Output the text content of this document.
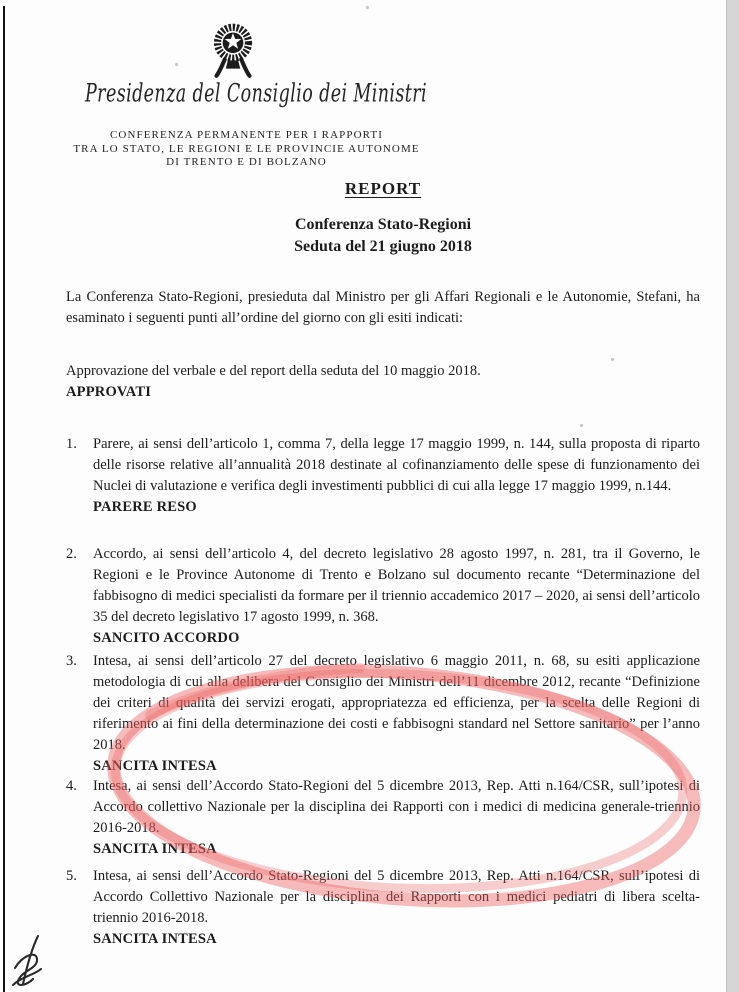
Presidenza del Consiglio dei Ministri
CONFERENZA PERMANENTE PER I RAPPORTI
TRA LO STATO, LE REGIONI E LE PROVINCIE AUTONOME
DI TRENTO E DI BOLZANO
REPORT
Conferenza Stato-Regioni
Seduta del 21 giugno 2018
La Conferenza Stato-Regioni, presieduta dal Ministro per gli Affari Regionali e le Autonomie, Stefani, ha esaminato i seguenti punti all’ordine del giorno con gli esiti indicati:
Approvazione del verbale e del report della seduta del 10 maggio 2018.
APPROVATI
1.	Parere, ai sensi dell’articolo 1, comma 7, della legge 17 maggio 1999, n. 144, sulla proposta di riparto delle risorse relative all’annualità 2018 destinate al cofinanziamento delle spese di funzionamento dei Nuclei di valutazione e verifica degli investimenti pubblici di cui alla legge 17 maggio 1999, n.144.
PARERE RESO
2.	Accordo, ai sensi dell’articolo 4, del decreto legislativo 28 agosto 1997, n. 281, tra il Governo, le Regioni e le Province Autonome di Trento e Bolzano sul documento recante “Determinazione del fabbisogno di medici specialisti da formare per il triennio accademico 2017 – 2020, ai sensi dell’articolo 35 del decreto legislativo 17 agosto 1999, n. 368.
SANCITO ACCORDO
3.	Intesa, ai sensi dell’articolo 27 del decreto legislativo 6 maggio 2011, n. 68, su esiti applicazione metodologia di cui alla delibera del Consiglio dei Ministri dell’11 dicembre 2012, recante “Definizione dei criteri di qualità dei servizi erogati, appropriatezza ed efficienza, per la scelta delle Regioni di riferimento ai fini della determinazione dei costi e fabbisogni standard nel Settore sanitario” per l’anno 2018.
SANCITA INTESA
4.	Intesa, ai sensi dell’Accordo Stato-Regioni del 5 dicembre 2013, Rep. Atti n.164/CSR, sull’ipotesi di Accordo collettivo Nazionale per la disciplina dei Rapporti con i medici di medicina generale-triennio 2016-2018.
SANCITA INTESA
5.	Intesa, ai sensi dell’Accordo Stato-Regioni del 5 dicembre 2013, Rep. Atti n.164/CSR, sull’ipotesi di Accordo Collettivo Nazionale per la disciplina dei Rapporti con i medici pediatri di libera scelta-triennio 2016-2018.
SANCITA INTESA
